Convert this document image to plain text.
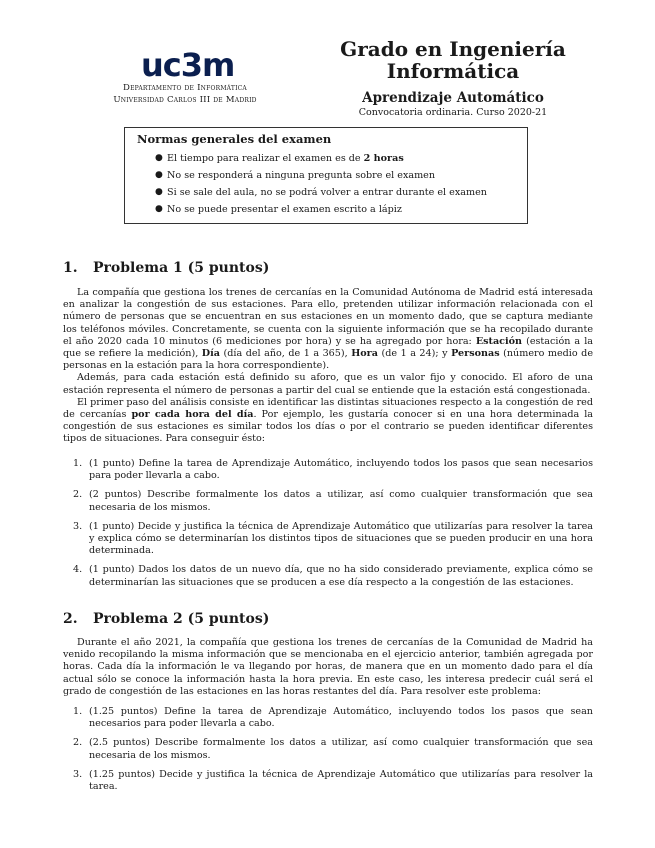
uc3m
Departamento de Informática
Universidad Carlos III de Madrid
Grado en Ingeniería
Informática
Aprendizaje Automático
Convocatoria ordinaria. Curso 2020-21
Normas generales del examen
● El tiempo para realizar el examen es de 2 horas
● No se responderá a ninguna pregunta sobre el examen
● Si se sale del aula, no se podrá volver a entrar durante el examen
● No se puede presentar el examen escrito a lápiz
1. Problema 1 (5 puntos)

La compañía que gestiona los trenes de cercanías en la Comunidad Autónoma de Madrid está interesada en analizar la congestión de sus estaciones. Para ello, pretenden utilizar información relacionada con el número de personas que se encuentran en sus estaciones en un momento dado, que se captura mediante los teléfonos móviles. Concretamente, se cuenta con la siguiente información que se ha recopilado durante el año 2020 cada 10 minutos (6 mediciones por hora) y se ha agregado por hora: Estación (estación a la que se refiere la medición), Día (día del año, de 1 a 365), Hora (de 1 a 24); y Personas (número medio de personas en la estación para la hora correspondiente).

Además, para cada estación está definido su aforo, que es un valor fijo y conocido. El aforo de una estación representa el número de personas a partir del cual se entiende que la estación está congestionada.

El primer paso del análisis consiste en identificar las distintas situaciones respecto a la congestión de red de cercanías por cada hora del día. Por ejemplo, les gustaría conocer si en una hora determinada la congestión de sus estaciones es similar todos los días o por el contrario se pueden identificar diferentes tipos de situaciones. Para conseguir ésto:

1. (1 punto) Define la tarea de Aprendizaje Automático, incluyendo todos los pasos que sean necesarios para poder llevarla a cabo.
2. (2 puntos) Describe formalmente los datos a utilizar, así como cualquier transformación que sea necesaria de los mismos.
3. (1 punto) Decide y justifica la técnica de Aprendizaje Automático que utilizarías para resolver la tarea y explica cómo se determinarían los distintos tipos de situaciones que se pueden producir en una hora determinada.
4. (1 punto) Dados los datos de un nuevo día, que no ha sido considerado previamente, explica cómo se determinarían las situaciones que se producen a ese día respecto a la congestión de las estaciones.
2. Problema 2 (5 puntos)

Durante el año 2021, la compañía que gestiona los trenes de cercanías de la Comunidad de Madrid ha venido recopilando la misma información que se mencionaba en el ejercicio anterior, también agregada por horas. Cada día la información le va llegando por horas, de manera que en un momento dado para el día actual sólo se conoce la información hasta la hora previa. En este caso, les interesa predecir cuál será el grado de congestión de las estaciones en las horas restantes del día. Para resolver este problema:

1. (1.25 puntos) Define la tarea de Aprendizaje Automático, incluyendo todos los pasos que sean necesarios para poder llevarla a cabo.
2. (2.5 puntos) Describe formalmente los datos a utilizar, así como cualquier transformación que sea necesaria de los mismos.
3. (1.25 puntos) Decide y justifica la técnica de Aprendizaje Automático que utilizarías para resolver la tarea.
